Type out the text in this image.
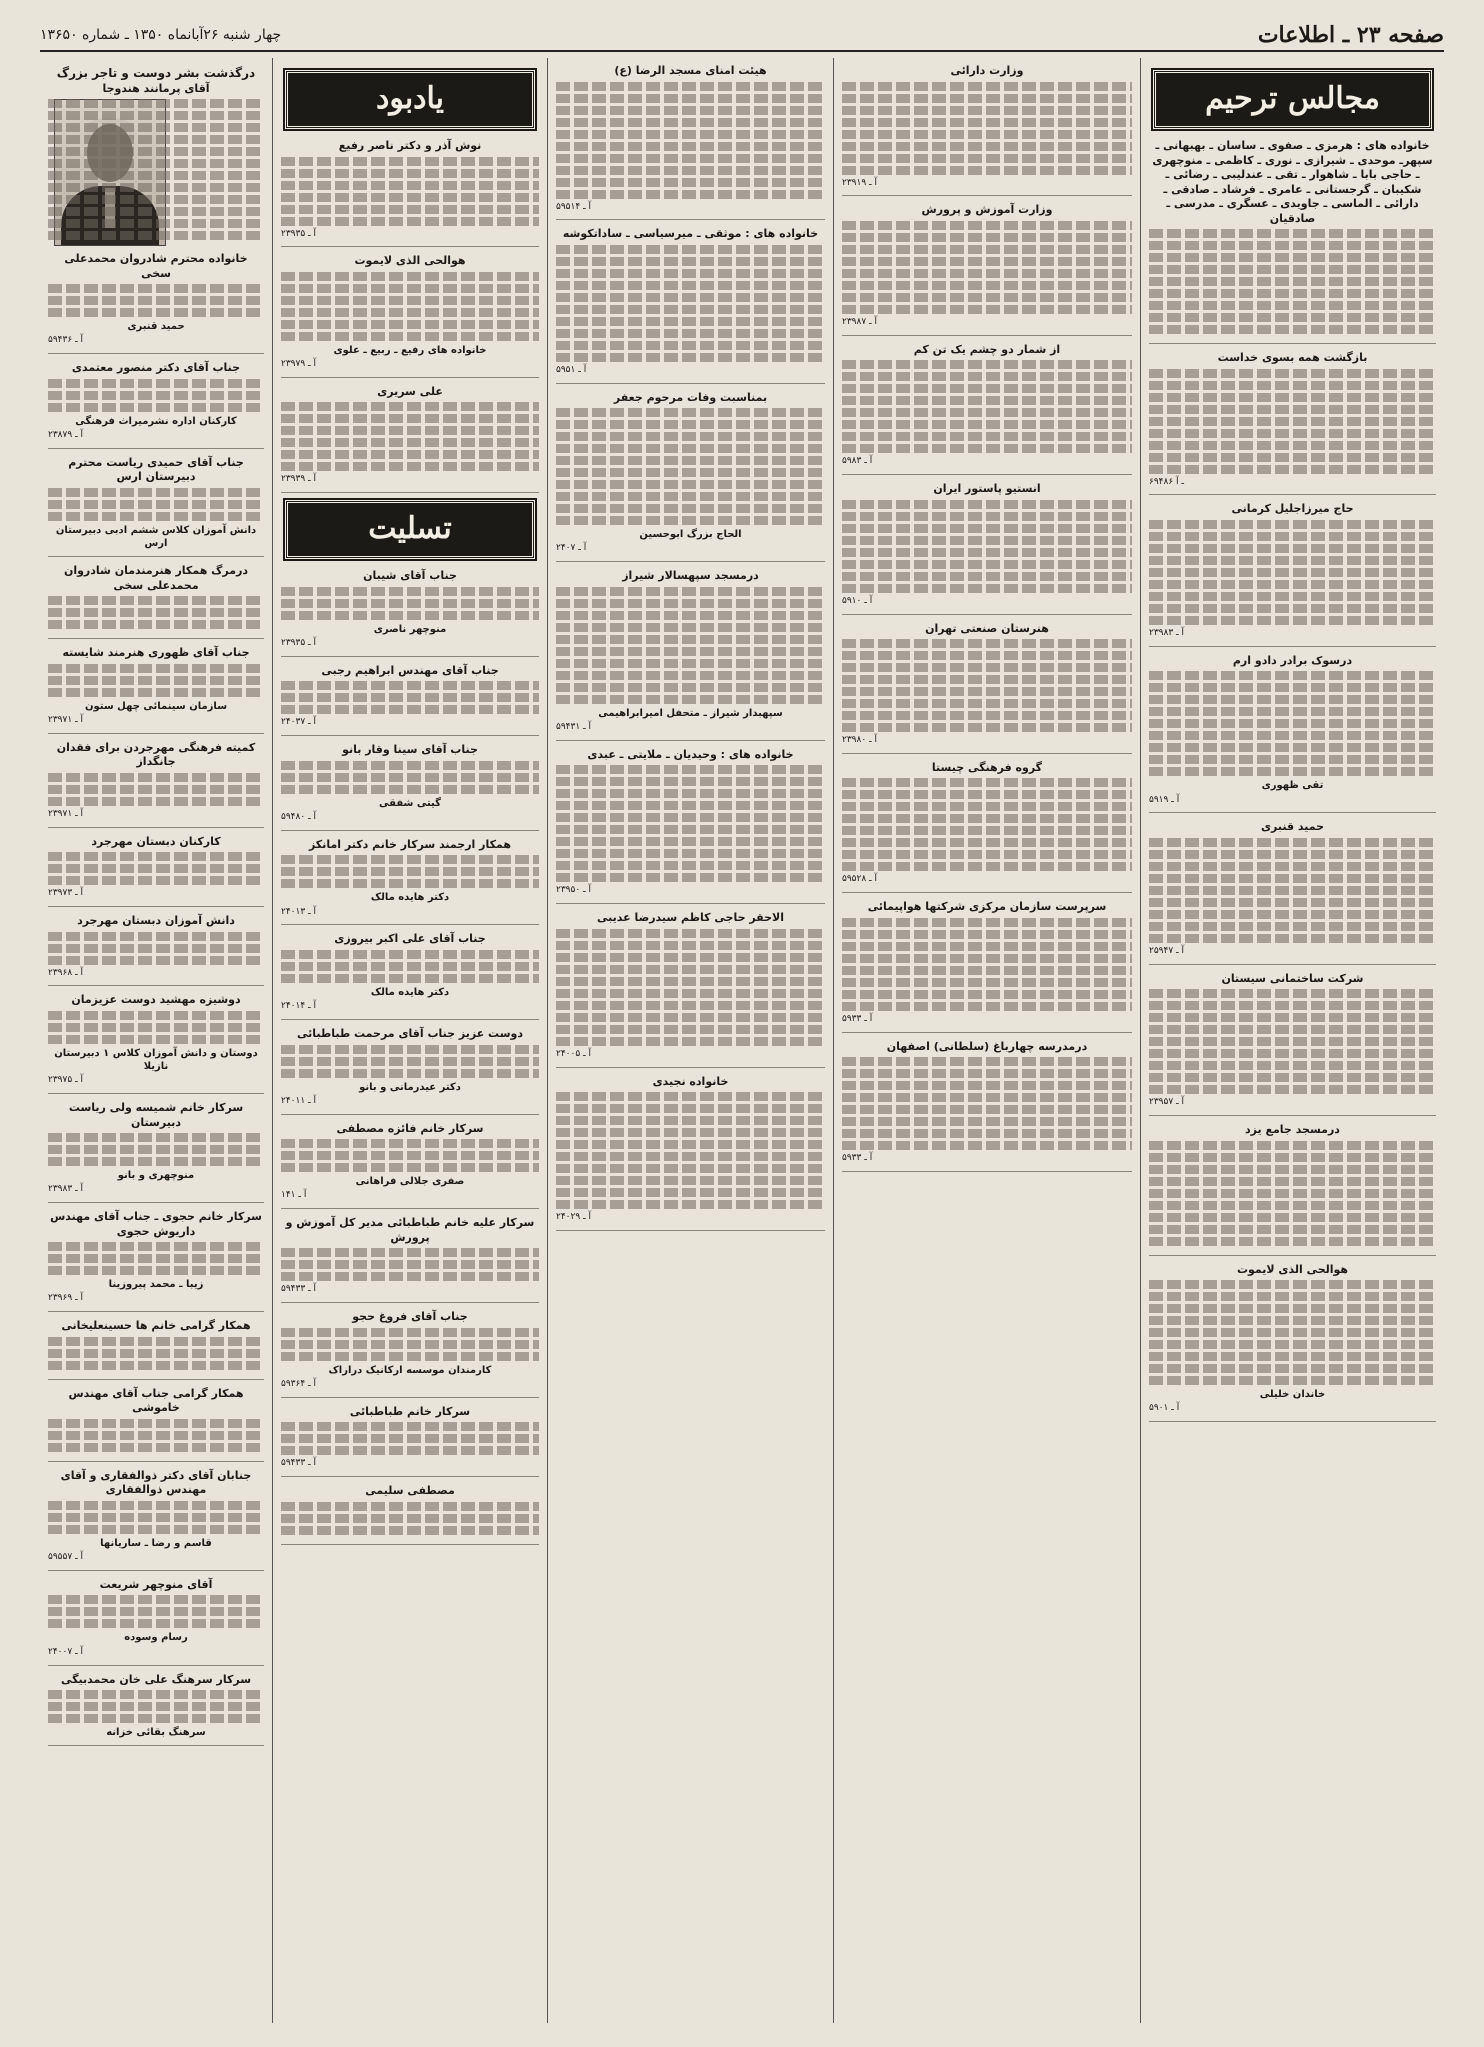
صفحه ۲۳ ـ اطلاعات
چهار شنبه ۲۶آبانماه ۱۳۵۰ ـ شماره ۱۳۶۵۰
مجالس ترحیم
خانواده های : هرمزی ـ صفوی ـ ساسان ـ بهبهانی ـ سپهرـ موحدی ـ شیرازی ـ نوری ـ کاظمی ـ منوچهری ـ حاجی بابا ـ شاهوار ـ تقی ـ عندلیبی ـ رضائی ـ شکیبان ـ گرجستانی ـ عامری ـ فرشاد ـ صادقی ـ دارائی ـ الماسی ـ جاویدی ـ عسگری ـ مدرسی ـ صادقیان
بازگشت همه بسوی خداست
۶۹۴۸۶ ـ آ
حاج میرزاجلیل کرمانی
آ ـ ۲۳۹۸۳
درسوک برادر دادو ارم
تقی ظهوری
آ ـ ۵۹۱۹
حمید قنبری
آ ـ ۲۵۹۴۷
شرکت ساختمانی سیستان
آ ـ ۲۳۹۵۷
درمسجد جامع یزد
هوالحی الذی لایموت
خاندان خلیلی
آ ـ ۵۹۰۱
وزارت دارائی
آ ـ ۲۳۹۱۹
وزارت آموزش و پرورش
آ ـ ۲۳۹۸۷
از شمار دو چشم یک تن کم
آ ـ ۵۹۸۳
انستیو پاستور ایران
آ ـ ۵۹۱۰
هنرستان صنعتی تهران
آ ـ ۲۳۹۸۰
گروه فرهنگی چیستا
آ ـ ۵۹۵۲۸
سرپرست سازمان مرکزی شرکتها هواپیمائی
آ ـ ۵۹۳۳
درمدرسه چهارباغ (سلطانی) اصفهان
آ ـ ۵۹۳۳
هیئت امنای مسجد الرضا (ع)
آ ـ ۵۹۵۱۴
خانواده های : موثقی ـ میرسیاسی ـ ساداتکوشه
آ ـ ۵۹۵۱
بمناسبت وفات مرحوم جعفر
الحاج بزرگ ابوحسین
آ ـ ۲۴۰۷
درمسجد سپهسالار شیراز
سپهبدار شیراز ـ متحفل امیرابراهیمی
آ ـ ۵۹۴۳۱
خانواده های : وحیدیان ـ ملایتی ـ عبدی
آ ـ ۲۳۹۵۰
الاحقر حاجی کاظم سیدرضا عدیبی
آ ـ ۲۴۰۰۵
خانواده نجیدی
آ ـ ۲۴۰۲۹
یادبود
نوش آذر و دکتر ناصر رفیع
آ ـ ۲۳۹۳۵
هوالحی الذی لایموت
خانواده های رفیع ـ ربیع ـ علوی
آ ـ ۲۳۹۷۹
علی سریری
آ ـ ۲۳۹۳۹
تسلیت
جناب آقای شیبان
منوچهر ناصری
آ ـ ۲۳۹۳۵
جناب آقای مهندس ابراهیم رجبی
آ ـ ۲۴۰۳۷
جناب آقای سینا وقار بانو
گیتی شفقی
آ ـ ۵۹۴۸۰
همکار ارجمند سرکار خانم دکتر امانکز
دکتر هایده مالک
آ ـ ۲۴۰۱۳
جناب آقای علی اکبر بیروزی
دکتر هایده مالک
آ ـ ۲۴۰۱۴
دوست عزیز جناب آقای مرحمت طباطبائی
دکتر عیدرمانی و بانو
آ ـ ۲۴۰۱۱
سرکار خانم فائزه مصطفی
صفری جلالی فراهانی
آ ـ ۱۴۱
سرکار علیه خانم طباطبائی مدیر کل آموزش و پرورش
آ ـ ۵۹۴۳۳
جناب آقای فروغ حجو
کارمندان موسسه ارکانیک دراراک
آ ـ ۵۹۳۶۴
سرکار خانم طباطبائی
آ ـ ۵۹۴۳۳
مصطفی سلیمی
درگذشت بشر دوست و تاجر بزرگ
آقای پرمانند هندوجا
خانواده محترم شادروان محمدعلی سخی
حمید قنبری
آ ـ ۵۹۴۳۶
جناب آقای دکتر منصور معتمدی
کارکنان اداره نشرمیراث فرهنگی
آ ـ ۲۳۸۷۹
جناب آقای حمیدی ریاست محترم دبیرستان ارس
دانش آموزان کلاس ششم ادبی دبیرستان ارس
درمرگ همکار هنرمندمان شادروان محمدعلی سخی
جناب آقای ظهوری هنرمند شایسته
سازمان سینمائی چهل ستون
آ ـ ۲۳۹۷۱
کمیته فرهنگی مهرجردن برای فقدان جانگداز
آ ـ ۲۳۹۷۱
کارکنان دبستان مهرجرد
آ ـ ۲۳۹۷۳
دانش آموزان دبستان مهرجرد
آ ـ ۲۳۹۶۸
دوشیزه مهشید دوست عزیزمان
دوستان و دانش آموزان کلاس ۱ دبیرستان نازیلا
آ ـ ۲۳۹۷۵
سرکار خانم شمیسه ولی ریاست دبیرستان
منوچهری و بانو
آ ـ ۲۳۹۸۳
سرکار خانم حجوی ـ جناب آقای مهندس داریوش حجوی
زیبا ـ محمد پیروزینا
آ ـ ۲۳۹۶۹
همکار گرامی خانم ها حسینعلیخانی
همکار گرامی جناب آقای مهندس خاموشی
جنابان آقای دکتر ذوالفقاری و آقای مهندس ذوالفقاری
قاسم و رضا ـ ساریانها
آ ـ ۵۹۵۵۷
آقای منوچهر شریعت
رسام وسوده
آ ـ ۲۴۰۰۷
سرکار سرهنگ علی خان محمدبیگی
سرهنگ بقائی خزانه
